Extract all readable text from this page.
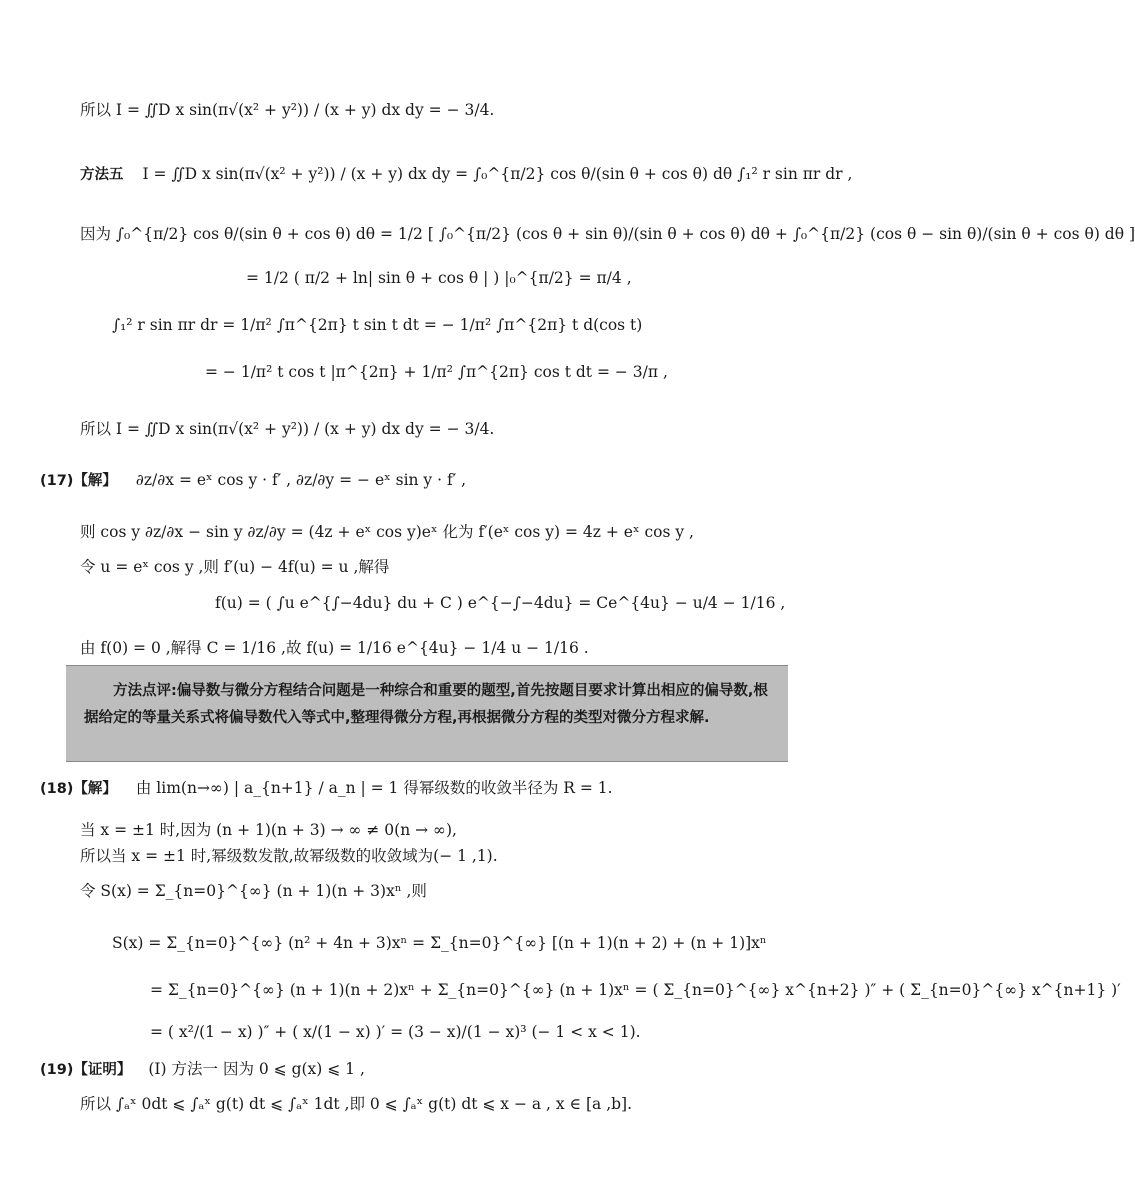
所以 I = ∬D x sin(π√(x² + y²)) / (x + y) dx dy = − 3/4.
方法五 I = ∬D x sin(π√(x² + y²)) / (x + y) dx dy = ∫₀^{π/2} cos θ/(sin θ + cos θ) dθ ∫₁² r sin πr dr ,
因为 ∫₀^{π/2} cos θ/(sin θ + cos θ) dθ = 1/2 [ ∫₀^{π/2} (cos θ + sin θ)/(sin θ + cos θ) dθ + ∫₀^{π/2} (cos θ − sin θ)/(sin θ + cos θ) dθ ]
= 1/2 ( π/2 + ln| sin θ + cos θ | ) |₀^{π/2} = π/4 ,
∫₁² r sin πr dr = 1/π² ∫π^{2π} t sin t dt = − 1/π² ∫π^{2π} t d(cos t)
= − 1/π² t cos t |π^{2π} + 1/π² ∫π^{2π} cos t dt = − 3/π ,
所以 I = ∬D x sin(π√(x² + y²)) / (x + y) dx dy = − 3/4.
(17)【解】 ∂z/∂x = eˣ cos y · f′ , ∂z/∂y = − eˣ sin y · f′ ,
则 cos y ∂z/∂x − sin y ∂z/∂y = (4z + eˣ cos y)eˣ 化为 f′(eˣ cos y) = 4z + eˣ cos y ,
令 u = eˣ cos y ,则 f′(u) − 4f(u) = u ,解得
f(u) = ( ∫u e^{∫−4du} du + C ) e^{−∫−4du} = Ce^{4u} − u/4 − 1/16 ,
由 f(0) = 0 ,解得 C = 1/16 ,故 f(u) = 1/16 e^{4u} − 1/4 u − 1/16 .

方法点评:偏导数与微分方程结合问题是一种综合和重要的题型,首先按题目要求计算出相应的偏导数,根据给定的等量关系式将偏导数代入等式中,整理得微分方程,再根据微分方程的类型对微分方程求解.

(18)【解】 由 lim(n→∞) | a_{n+1} / a_n | = 1 得幂级数的收敛半径为 R = 1.
当 x = ±1 时,因为 (n + 1)(n + 3) → ∞ ≠ 0(n → ∞),
所以当 x = ±1 时,幂级数发散,故幂级数的收敛域为(− 1 ,1).
令 S(x) = Σ_{n=0}^{∞} (n + 1)(n + 3)xⁿ ,则
S(x) = Σ_{n=0}^{∞} (n² + 4n + 3)xⁿ = Σ_{n=0}^{∞} [(n + 1)(n + 2) + (n + 1)]xⁿ
= Σ_{n=0}^{∞} (n + 1)(n + 2)xⁿ + Σ_{n=0}^{∞} (n + 1)xⁿ = ( Σ_{n=0}^{∞} x^{n+2} )″ + ( Σ_{n=0}^{∞} x^{n+1} )′
= ( x²/(1 − x) )″ + ( x/(1 − x) )′ = (3 − x)/(1 − x)³ (− 1 < x < 1).
(19)【证明】 (Ⅰ) 方法一 因为 0 ⩽ g(x) ⩽ 1 ,
所以 ∫ₐˣ 0dt ⩽ ∫ₐˣ g(t) dt ⩽ ∫ₐˣ 1dt ,即 0 ⩽ ∫ₐˣ g(t) dt ⩽ x − a , x ∈ [a ,b].
